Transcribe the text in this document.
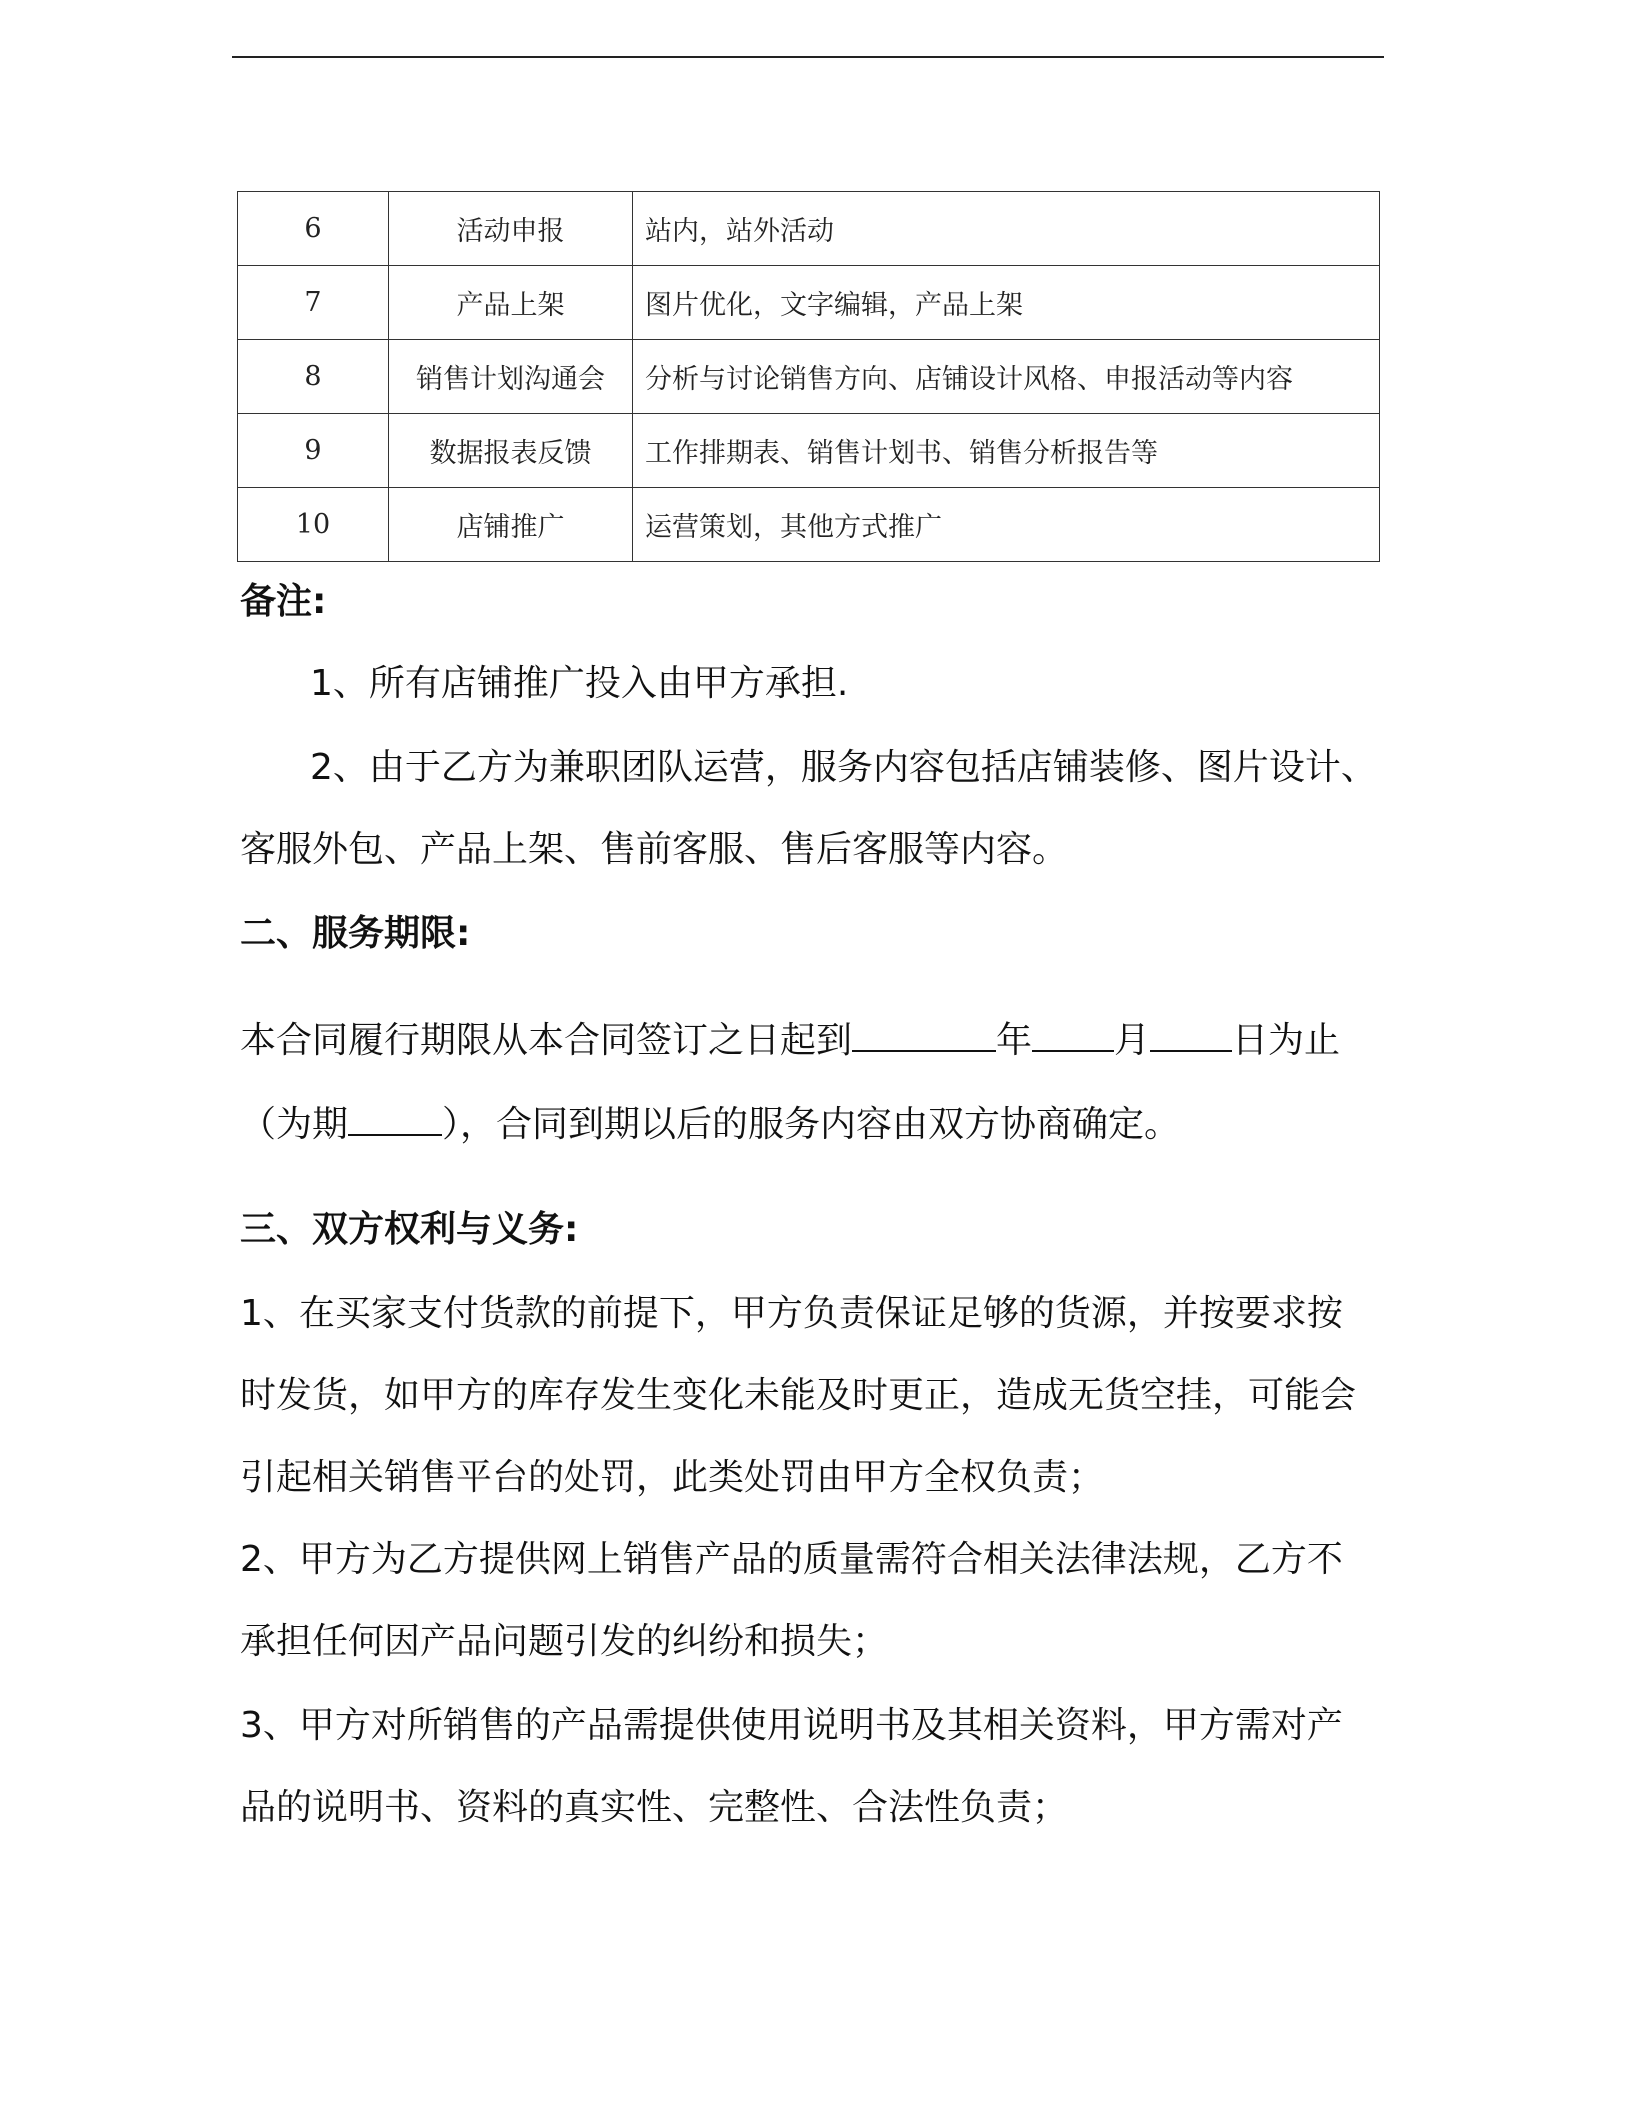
6	活动申报	站内，站外活动
7	产品上架	图片优化，文字编辑，产品上架
8	销售计划沟通会	分析与讨论销售方向、店铺设计风格、申报活动等内容
9	数据报表反馈	工作排期表、销售计划书、销售分析报告等
10	店铺推广	运营策划，其他方式推广
备注:
1、所有店铺推广投入由甲方承担.
2、由于乙方为兼职团队运营，服务内容包括店铺装修、图片设计、
客服外包、产品上架、售前客服、售后客服等内容。
二、服务期限:
本合同履行期限从本合同签订之日起到	年 月 日为止
（为期	），合同到期以后的服务内容由双方协商确定。
三、双方权利与义务:
1、在买家支付货款的前提下，甲方负责保证足够的货源，并按要求按
时发货，如甲方的库存发生变化未能及时更正，造成无货空挂，可能会
引起相关销售平台的处罚，此类处罚由甲方全权负责；
2、甲方为乙方提供网上销售产品的质量需符合相关法律法规，乙方不
承担任何因产品问题引发的纠纷和损失；
3、甲方对所销售的产品需提供使用说明书及其相关资料，甲方需对产
品的说明书、资料的真实性、完整性、合法性负责；
